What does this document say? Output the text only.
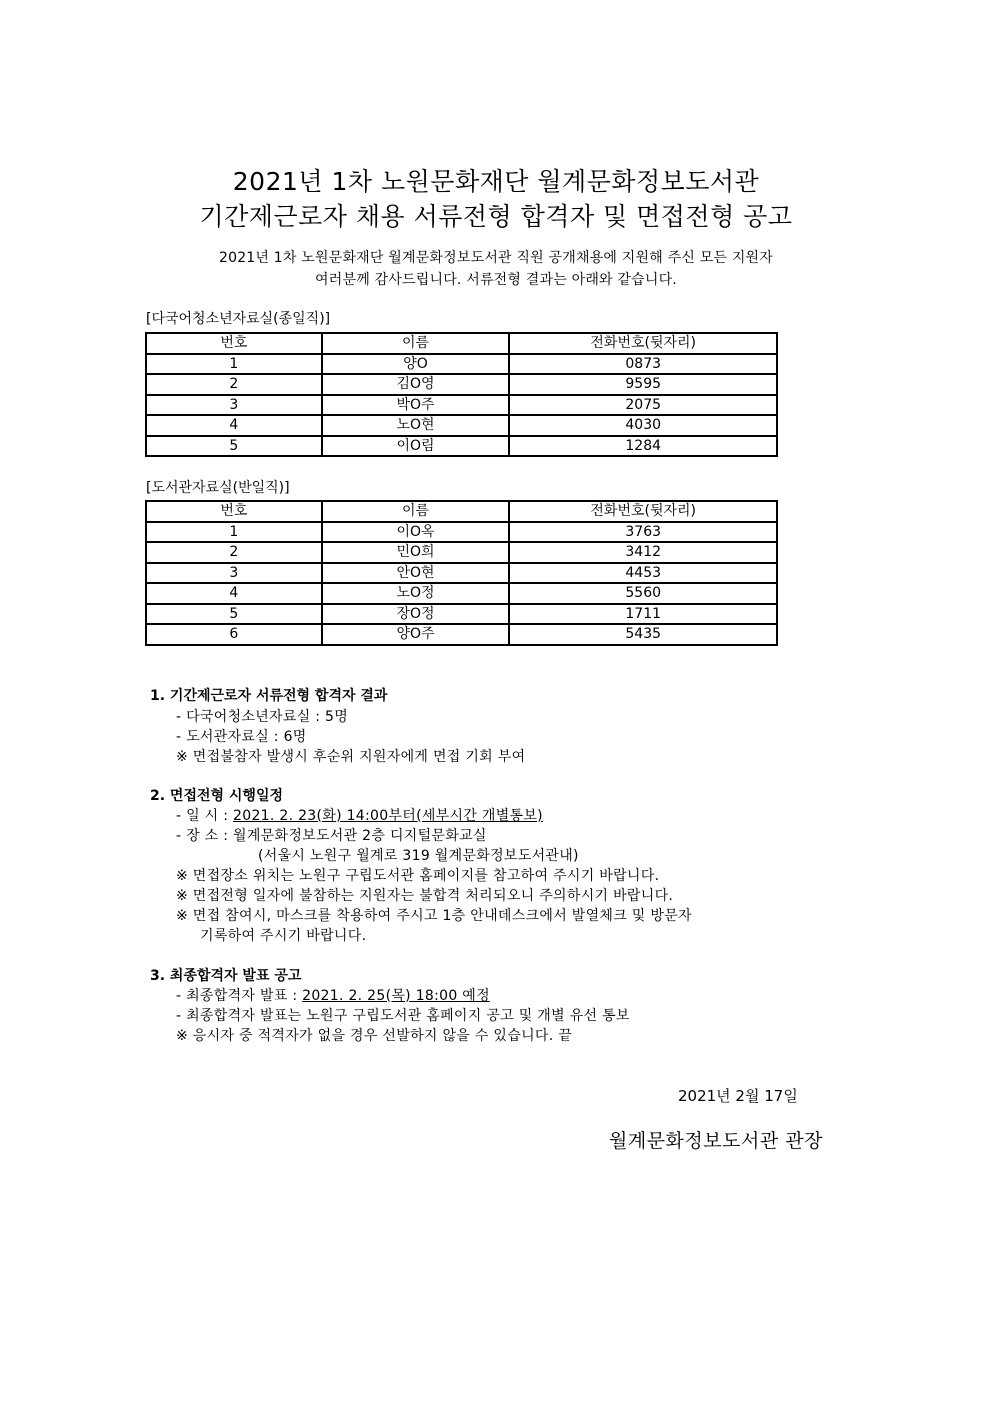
2021년 1차 노원문화재단 월계문화정보도서관
기간제근로자 채용 서류전형 합격자 및 면접전형 공고
2021년 1차 노원문화재단 월계문화정보도서관 직원 공개채용에 지원해 주신 모든 지원자
여러분께 감사드립니다. 서류전형 결과는 아래와 같습니다.
[다국어청소년자료실(종일직)]
번호	이름	전화번호(뒷자리)
1	양O	0873
2	김O영	9595
3	박O주	2075
4	노O현	4030
5	이O림	1284
[도서관자료실(반일직)]
번호	이름	전화번호(뒷자리)
1	이O옥	3763
2	민O희	3412
3	안O현	4453
4	노O정	5560
5	장O정	1711
6	양O주	5435
1. 기간제근로자 서류전형 합격자 결과
- 다국어청소년자료실 : 5명
- 도서관자료실 : 6명
※ 면접불참자 발생시 후순위 지원자에게 면접 기회 부여
2. 면접전형 시행일정
- 일 시 : 2021. 2. 23(화) 14:00부터(세부시간 개별통보)
- 장 소 : 월계문화정보도서관 2층 디지털문화교실
(서울시 노원구 월계로 319 월계문화정보도서관내)
※ 면접장소 위치는 노원구 구립도서관 홈페이지를 참고하여 주시기 바랍니다.
※ 면접전형 일자에 불참하는 지원자는 불합격 처리되오니 주의하시기 바랍니다.
※ 면접 참여시, 마스크를 착용하여 주시고 1층 안내데스크에서 발열체크 및 방문자
기록하여 주시기 바랍니다.
3. 최종합격자 발표 공고
- 최종합격자 발표 : 2021. 2. 25(목) 18:00 예정
- 최종합격자 발표는 노원구 구립도서관 홈페이지 공고 및 개별 유선 통보
※ 응시자 중 적격자가 없을 경우 선발하지 않을 수 있습니다. 끝
2021년 2월 17일
월계문화정보도서관 관장
